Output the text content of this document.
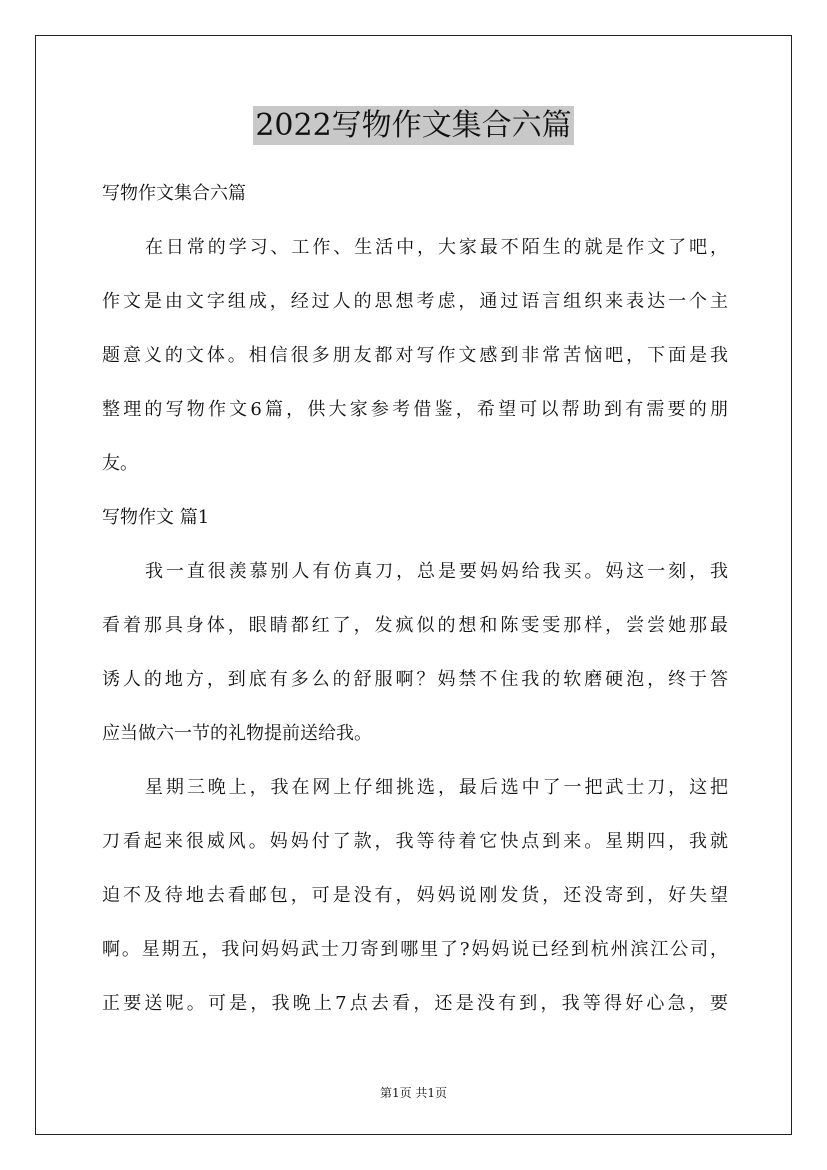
2022写物作文集合六篇
写物作文集合六篇
在日常的学习、工作、生活中，大家最不陌生的就是作文了吧，
作文是由文字组成，经过人的思想考虑，通过语言组织来表达一个主
题意义的文体。相信很多朋友都对写作文感到非常苦恼吧，下面是我
整理的写物作文6篇，供大家参考借鉴，希望可以帮助到有需要的朋
友。
写物作文 篇1
我一直很羡慕别人有仿真刀，总是要妈妈给我买。妈这一刻，我
看着那具身体，眼睛都红了，发疯似的想和陈雯雯那样，尝尝她那最
诱人的地方，到底有多么的舒服啊？妈禁不住我的软磨硬泡，终于答
应当做六一节的礼物提前送给我。
星期三晚上，我在网上仔细挑选，最后选中了一把武士刀，这把
刀看起来很威风。妈妈付了款，我等待着它快点到来。星期四，我就
迫不及待地去看邮包，可是没有，妈妈说刚发货，还没寄到，好失望
啊。星期五，我问妈妈武士刀寄到哪里了?妈妈说已经到杭州滨江公司，
正要送呢。可是，我晚上7点去看，还是没有到，我等得好心急，要
第1页 共1页
